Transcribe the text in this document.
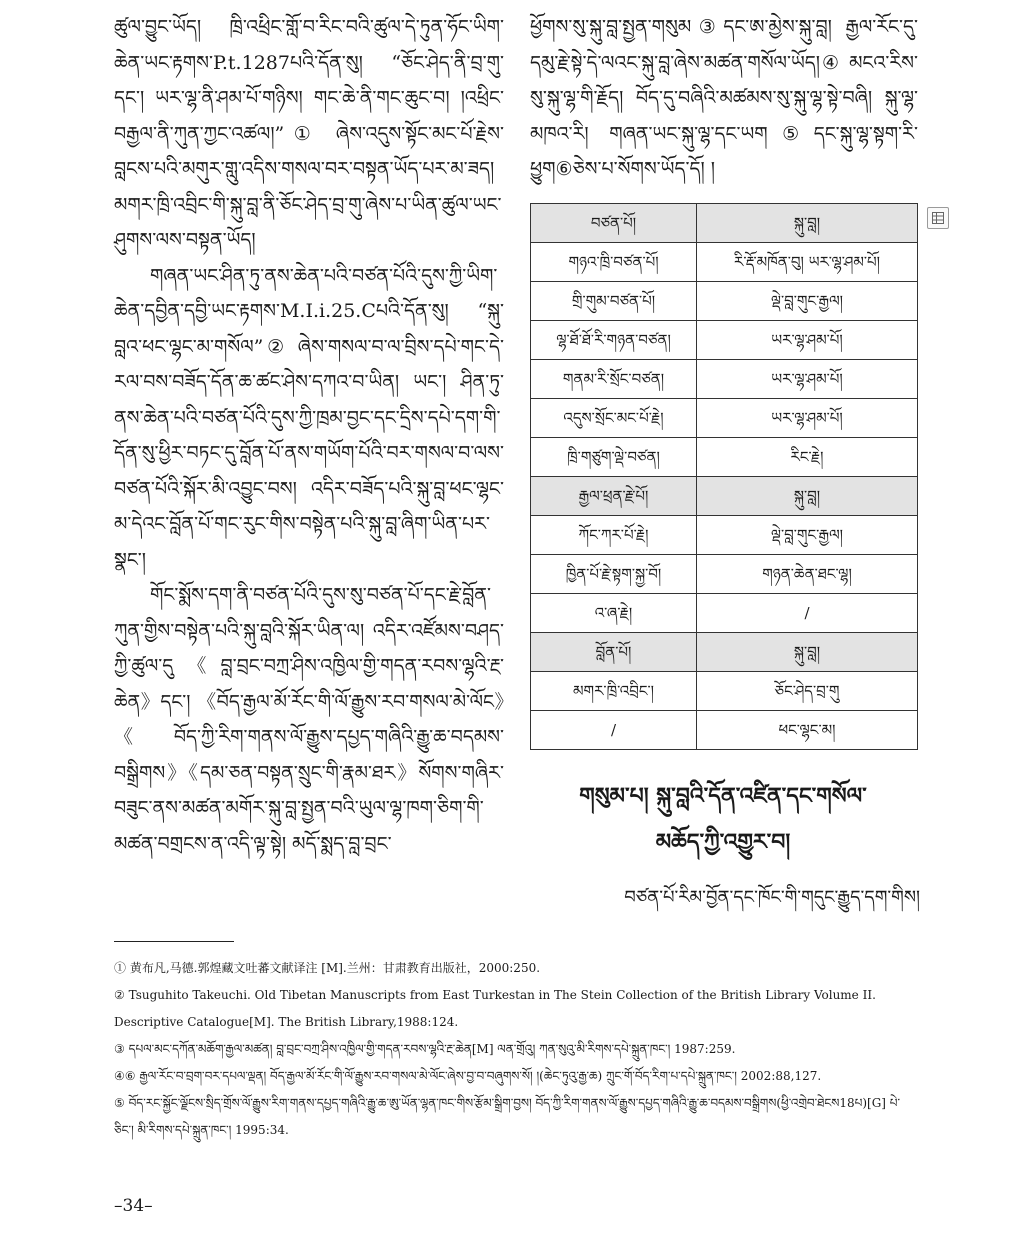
ཚུལ་བྱུང་ཡོད། ཁྲི་འཕྲིང་གློ་བ་རིང་བའི་ཚུལ་དེ་ཏུན་ཧོང་ཡིག་ཆེན་ཡང་རྟགས་P.t.1287པའི་དོན་སུ། “ཅོང་ཤེད་ནི་བྲ་གུ་དང་། ཡར་ལྷ་ནི་ཤམ་པོ་གཉིས། གང་ཆེ་ནི་གང་ཆུང་བ། །འཕྲིང་བརྒྱལ་ནི་ཀུན་ཀྱང་འཚལ།”① ཞེས་འདུས་སྟོང་མང་པོ་རྗེས་བླངས་པའི་མགུར་གླུ་འདིས་གསལ་བར་བསྟན་ཡོད་པར་མ་ཟད། མགར་ཁྲི་འབྲིང་གི་སྐུ་བླ་ནི་ཅོང་ཤེད་བྲ་གུ་ཞེས་པ་ཡིན་ཚུལ་ཡང་ཤུགས་ལས་བསྟན་ཡོད།

གཞན་ཡང་ཤིན་ཏུ་ནས་ཆེན་པའི་བཙན་པོའི་དུས་ཀྱི་ཡིག་ཆེན་དབྱིན་དབྱི་ཡང་རྟགས་M.I.i.25.Cཔའི་དོན་སུ། “སྐུ་བླའ་ཕང་ལྷང་མ་གསོལ”② ཞེས་གསལ་བ་ལ་བྲིས་དཔེ་གང་དེ་རལ་བས་བཟོད་དོན་ཆ་ཚང་ཤེས་དཀའ་བ་ཡིན། ཡང་། ཤིན་ཏུ་ནས་ཆེན་པའི་བཙན་པོའི་དུས་ཀྱི་ཁྲམ་བྱང་དང་དྲིས་དཔེ་དག་གི་དོན་སུ་ཕྱིར་བཏང་དུ་བློན་པོ་ནས་གཡོག་པོའི་བར་གསལ་བ་ལས་བཙན་པོའི་སྐོར་མི་འབྱུང་བས། འདིར་བཟོད་པའི་སྐུ་བླ་ཕང་ལྷང་མ་དེའང་བློན་པོ་གང་རུང་གིས་བསྟེན་པའི་སྐུ་བླ་ཞིག་ཡིན་པར་སྣང་།

གོང་སྨོས་དག་ནི་བཙན་པོའི་དུས་སུ་བཙན་པོ་དང་རྗེ་བློན་ཀུན་གྱིས་བསྟེན་པའི་སྐུ་བླའི་སྐོར་ཡིན་ལ། འདིར་འཛོམས་བཤད་ཀྱི་ཚུལ་དུ《བླ་བྲང་བཀྲ་ཤིས་འཁྱིལ་གྱི་གདན་རབས་ལྷའི་རྔ་ཆེན》དང་། 《བོད་རྒྱལ་མོ་རོང་གི་ལོ་རྒྱུས་རབ་གསལ་མེ་ལོང》《བོད་ཀྱི་རིག་གནས་ལོ་རྒྱུས་དཔྱད་གཞིའི་རྒྱུ་ཆ་བདམས་བསྒྲིགས》《དམ་ཅན་བསྟན་སྲུང་གི་རྣམ་ཐར》སོགས་གཞིར་བཟུང་ནས་མཚན་མགོར་སྐུ་བླ་སྤྱན་བའི་ཡུལ་ལྷ་ཁག་ཅིག་གི་མཚན་བགྲངས་ན་འདི་ལྟ་སྟེ། མདོ་སྨད་བླ་བྲང་

ཕྱོགས་སུ་སྐུ་བླ་སྤྱན་གསུམ③དང་ཨ་མྱེས་སྐུ་བླ། རྒྱལ་རོང་དུ་དམུ་རྗེ་སྟེ་དེ་ལའང་སྐུ་བླ་ཞེས་མཚན་གསོལ་ཡོད།④ མངའ་རིས་སུ་སྐུ་ལྷ་གི་རྗོད། བོད་དུ་བཞིའི་མཚམས་སུ་སྐུ་ལྷ་སྟེ་བཞི། སྐུ་ལྷ་མཁའ་རི། གཞན་ཡང་སྐུ་ལྷ་དང་ཡག⑤དང་སྐུ་ལྷ་སྟག་རི་ཕྱུག⑥ཅེས་པ་སོགས་ཡོད་དོ། །

བཙན་པོ།	སྐུ་བླ།
གཉའ་ཁྲི་བཙན་པོ།	རི་རྡོ་མཁོན་བུ། ཡར་ལྷ་ཤམ་པོ།
གྲི་གུམ་བཙན་པོ།	ལྡེ་བླ་གུང་རྒྱལ།
ལྷ་ཐོ་ཐོ་རི་གཉན་བཙན།	ཡར་ལྷ་ཤམ་པོ།
གནམ་རི་སྲོང་བཙན།	ཡར་ལྷ་ཤམ་པོ།
འདུས་སྲོང་མང་པོ་རྗེ།	ཡར་ལྷ་ཤམ་པོ།
ཁྲི་གཙུག་ལྡེ་བཙན།	རིང་རྗེ།
རྒྱལ་ཕྲན་རྗེ་པོ།	སྐུ་བླ།
ཀོང་ཀར་པོ་རྗེ།	ལྡེ་བླ་གུང་རྒྱལ།
ཁྱིན་པོ་རྗེ་སྟག་སྐྱ་བོ།	གཉན་ཆེན་ཐང་ལྷ།
འ་ཞ་རྗེ།	/
བློན་པོ།	སྐུ་བླ།
མགར་ཁྲི་འབྲིང་།	ཅོང་ཤེད་བྲ་གུ
/	ཕང་ལྷང་མ།
གསུམ་པ། སྐུ་བླའི་དོན་འཛིན་དང་གསོལ་
མཆོད་ཀྱི་འགྱུར་བ།
བཙན་པོ་རིམ་བྱོན་དང་ཁོང་གི་གདུང་རྒྱུད་དག་གིས།

① 黄布凡,马德.郭煌藏文吐蕃文献译注 [M].兰州：甘肃教育出版社，2000:250.

② Tsuguhito Takeuchi. Old Tibetan Manuscripts from East Turkestan in The Stein Collection of the British Library Volume II. Descriptive Catalogue[M]. The British Library,1988:124.

③ དཔལ་མང་དཀོན་མཆོག་རྒྱལ་མཚན། བླ་བྲང་བཀྲ་ཤིས་འཁྱིལ་གྱི་གདན་རབས་ལྷའི་རྔ་ཆེན[M] ལན་གྲོའུ། ཀན་སུའུ་མི་རིགས་དཔེ་སྐྲུན་ཁང་། 1987:259.

④⑥ རྒྱལ་རོང་བ་བྲག་བར་དཔལ་ལྡན། བོད་རྒྱལ་མོ་རོང་གི་ལོ་རྒྱུས་རབ་གསལ་མེ་ལོང་ཞེས་བྱ་བ་བཞུགས་སོ། །(ཆེང་ཏུའུ་རྒྱ་ཆ) ཀྲུང་གོ་བོད་རིག་པ་དཔེ་སྐྲུན་ཁང་། 2002:88,127.

⑤ བོད་རང་སྐྱོང་ལྗོངས་སྲིད་གྲོས་ལོ་རྒྱུས་རིག་གནས་དཔྱད་གཞིའི་རྒྱུ་ཆ་ཨུ་ཡོན་ལྷན་ཁང་གིས་རྩོམ་སྒྲིག་བྱས། བོད་ཀྱི་རིག་གནས་ལོ་རྒྱུས་དཔྱད་གཞིའི་རྒྱུ་ཆ་བདམས་བསྒྲིགས(ཕྱི་འགྲེབ་ཐེངས18པ)[G] པེ་ཅིང་། མི་རིགས་དཔེ་སྐྲུན་ཁང་། 1995:34.

–34–
